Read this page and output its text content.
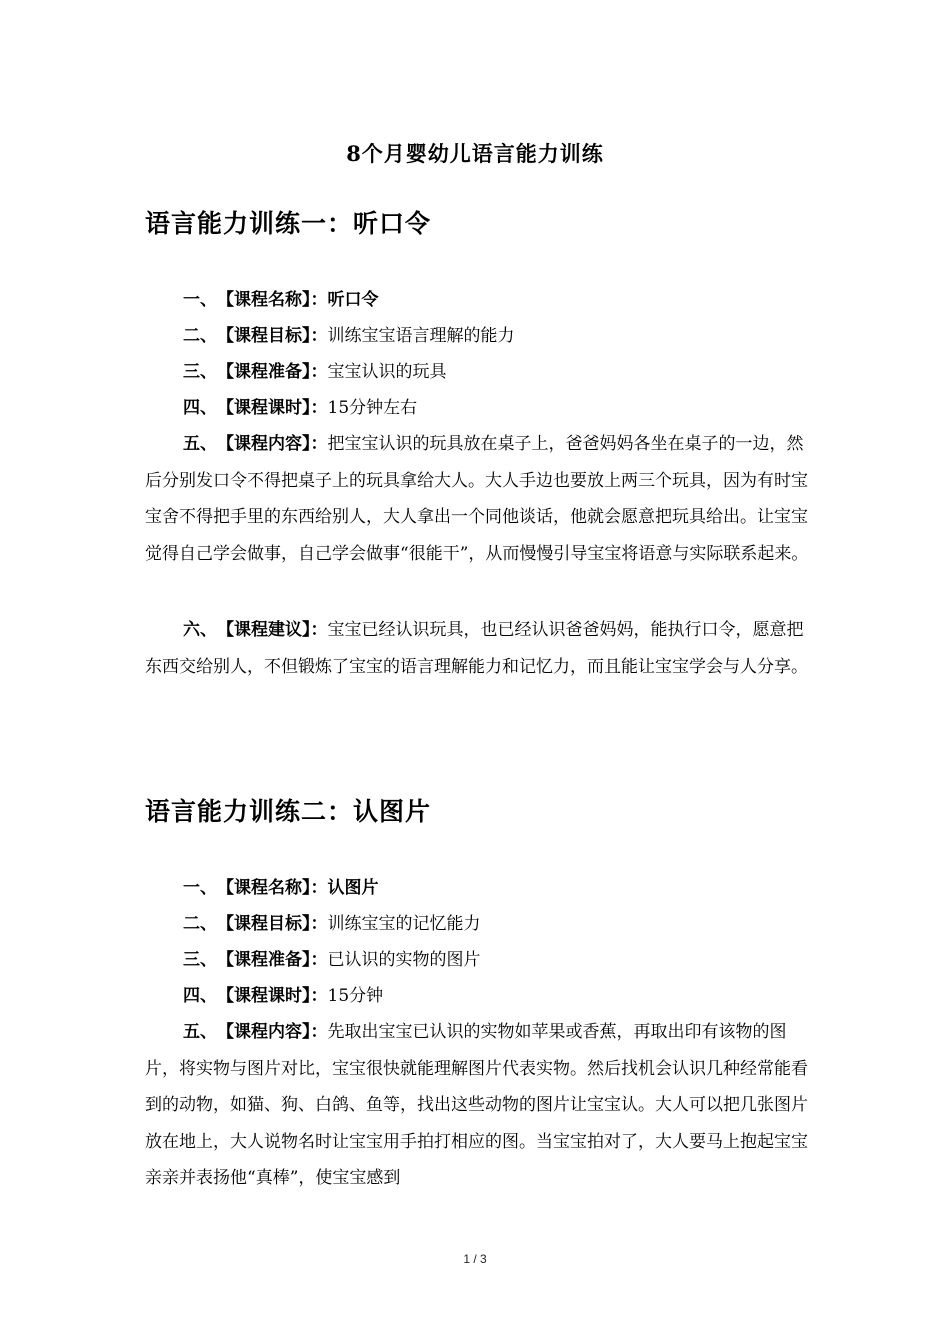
8个月婴幼儿语言能力训练
语言能力训练一：听口令
一、【课程名称】：听口令
二、【课程目标】：训练宝宝语言理解的能力
三、【课程准备】：宝宝认识的玩具
四、【课程课时】：15分钟左右
五、【课程内容】：把宝宝认识的玩具放在桌子上，爸爸妈妈各坐在桌子的一边，然后分别发口令不得把桌子上的玩具拿给大人。大人手边也要放上两三个玩具，因为有时宝宝舍不得把手里的东西给别人，大人拿出一个同他谈话，他就会愿意把玩具给出。让宝宝觉得自己学会做事，自己学会做事“很能干”，从而慢慢引导宝宝将语意与实际联系起来。
六、【课程建议】：宝宝已经认识玩具，也已经认识爸爸妈妈，能执行口令，愿意把东西交给别人，不但锻炼了宝宝的语言理解能力和记忆力，而且能让宝宝学会与人分享。
语言能力训练二：认图片
一、【课程名称】：认图片
二、【课程目标】：训练宝宝的记忆能力
三、【课程准备】：已认识的实物的图片
四、【课程课时】：15分钟
五、【课程内容】：先取出宝宝已认识的实物如苹果或香蕉，再取出印有该物的图片，将实物与图片对比，宝宝很快就能理解图片代表实物。然后找机会认识几种经常能看到的动物，如猫、狗、白鸽、鱼等，找出这些动物的图片让宝宝认。大人可以把几张图片放在地上，大人说物名时让宝宝用手拍打相应的图。当宝宝拍对了，大人要马上抱起宝宝亲亲并表扬他“真棒”，使宝宝感到
1 / 3
